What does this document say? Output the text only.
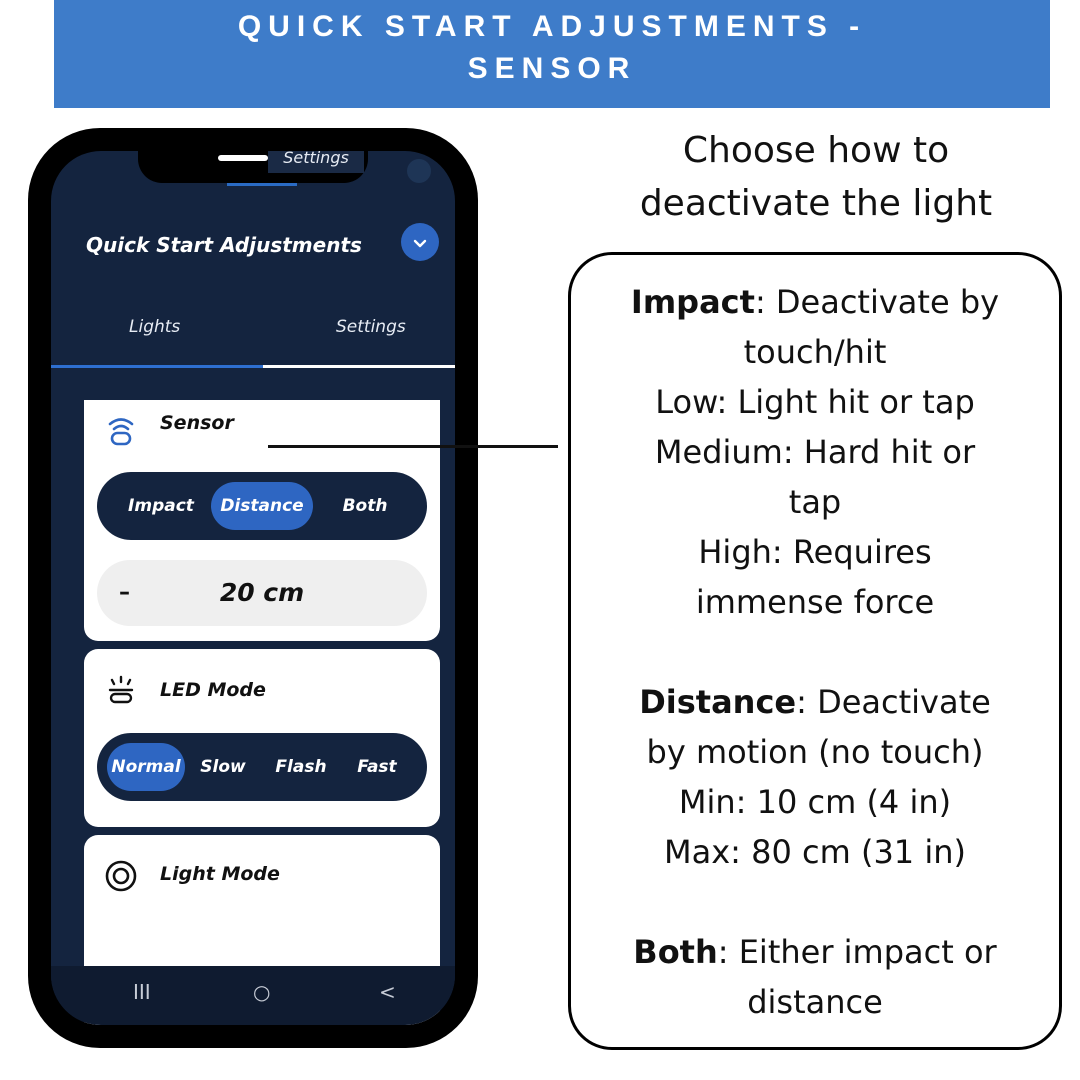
QUICK START ADJUSTMENTS -
SENSOR
Settings
Quick Start Adjustments
Lights	Settings
Sensor
Impact	Distance	Both
20 cm
–
LED Mode
Normal	Slow	Flash	Fast
Light Mode
III	○	<
Choose how to
deactivate the light
Impact: Deactivate by
touch/hit
Low: Light hit or tap
Medium: Hard hit or
tap
High: Requires
immense force
Distance: Deactivate
by motion (no touch)
Min: 10 cm (4 in)
Max: 80 cm (31 in)
Both: Either impact or
distance
